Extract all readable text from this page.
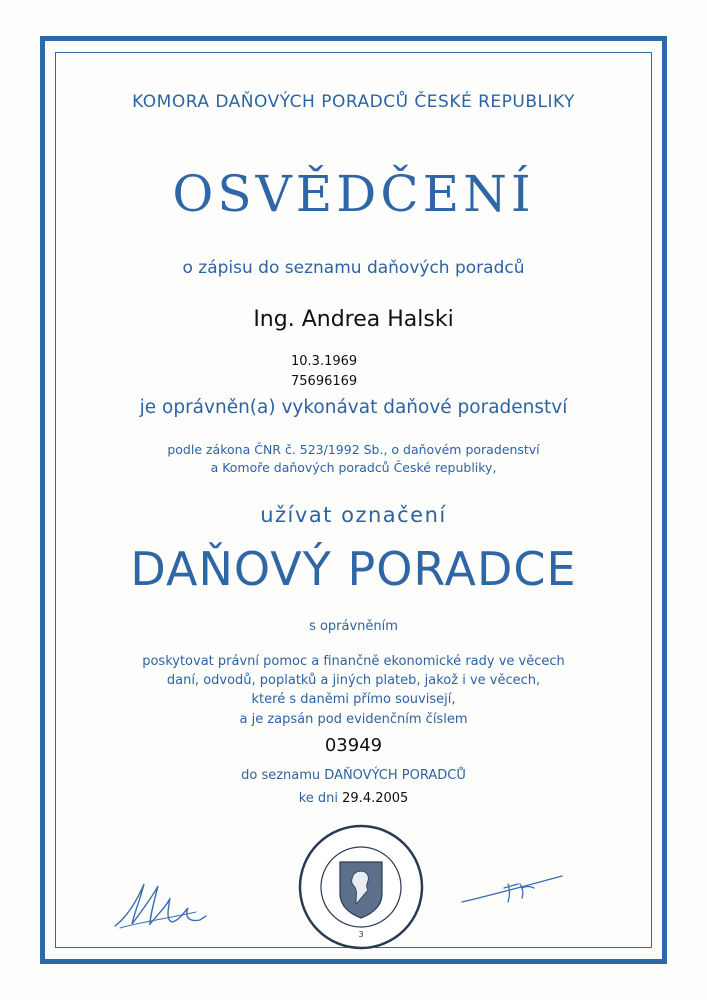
KOMORA DAŇOVÝCH PORADCŮ ČESKÉ REPUBLIKY
OSVĚDČENÍ
o zápisu do seznamu daňových poradců
Ing. Andrea Halski
10.3.1969
75696169
je oprávněn(a) vykonávat daňové poradenství
podle zákona ČNR č. 523/1992 Sb., o daňovém poradenství
a Komoře daňových poradců České republiky,
užívat označení
DAŇOVÝ PORADCE
s oprávněním
poskytovat právní pomoc a finančně ekonomické rady ve věcech
daní, odvodů, poplatků a jiných plateb, jakož i ve věcech,
které s daněmi přímo souvisejí,
a je zapsán pod evidenčním číslem
03949
do seznamu DAŇOVÝCH PORADCŮ
ke dni 29.4.2005
3
